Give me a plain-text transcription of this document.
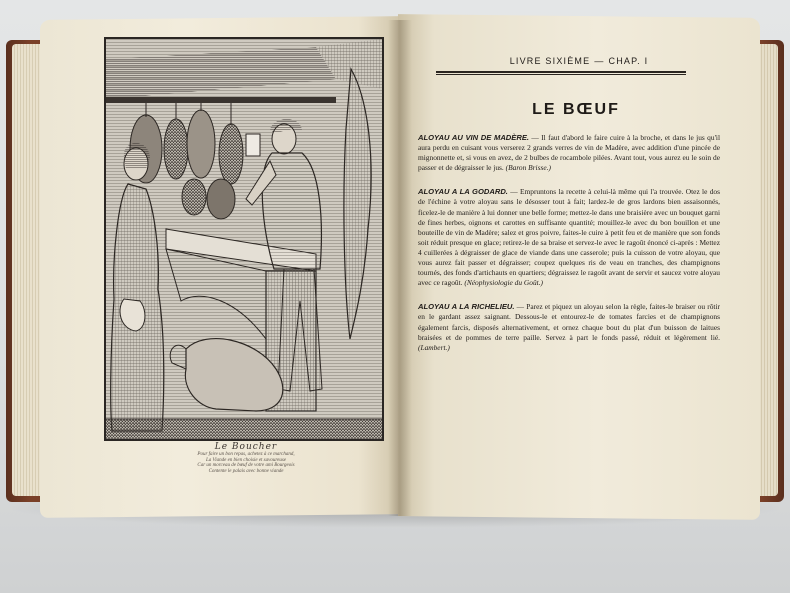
Le Boucher
Pour faire un bon repas, achetez à ce marchand,
La Viande en bien choisie et savoureuse
Car un morceau de bœuf de votre ami Bourgeois
Contente le palais avec bonne viande
LIVRE SIXIÈME — CHAP. I
LE BŒUF

ALOYAU AU VIN DE MADÈRE. — Il faut d'abord le faire cuire à la broche, et dans le jus qu'il aura perdu en cuisant vous verserez 2 grands verres de vin de Madère, avec addition d'une pincée de mignonnette et, si vous en avez, de 2 bulbes de rocambole pilées. Avant tout, vous aurez eu le soin de passer et de dégraisser le jus. (Baron Brisse.)

ALOYAU A LA GODARD. — Empruntons la recette à celui-là même qui l'a trouvée. Otez le dos de l'échine à votre aloyau sans le désosser tout à fait; lardez-le de gros lardons bien assaisonnés, ficelez-le de manière à lui donner une belle forme; mettez-le dans une braisière avec un bouquet garni de fines herbes, oignons et carottes en suffisante quantité; mouillez-le avec du bon bouillon et une bouteille de vin de Madère; salez et gros poivre, faites-le cuire à petit feu et de manière que son fonds soit réduit presque en glace; retirez-le de sa braise et servez-le avec le ragoût énoncé ci-après : Mettez 4 cuillerées à dégraisser de glace de viande dans une casserole; puis la cuisson de votre aloyau, que vous aurez fait passer et dégraisser; coupez quelques ris de veau en tranches, des champignons tournés, des fonds d'artichauts en quartiers; dégraissez le ragoût avant de servir et saucez votre aloyau avec ce ragoût. (Néophysiologie du Goût.)

ALOYAU A LA RICHELIEU. — Parez et piquez un aloyau selon la règle, faites-le braiser ou rôtir en le gardant assez saignant. Dessous-le et entourez-le de tomates farcies et de champignons également farcis, disposés alternativement, et ornez chaque bout du plat d'un buisson de laitues braisées et de pommes de terre paille. Servez à part le fonds passé, réduit et légèrement lié. (Lambert.)
